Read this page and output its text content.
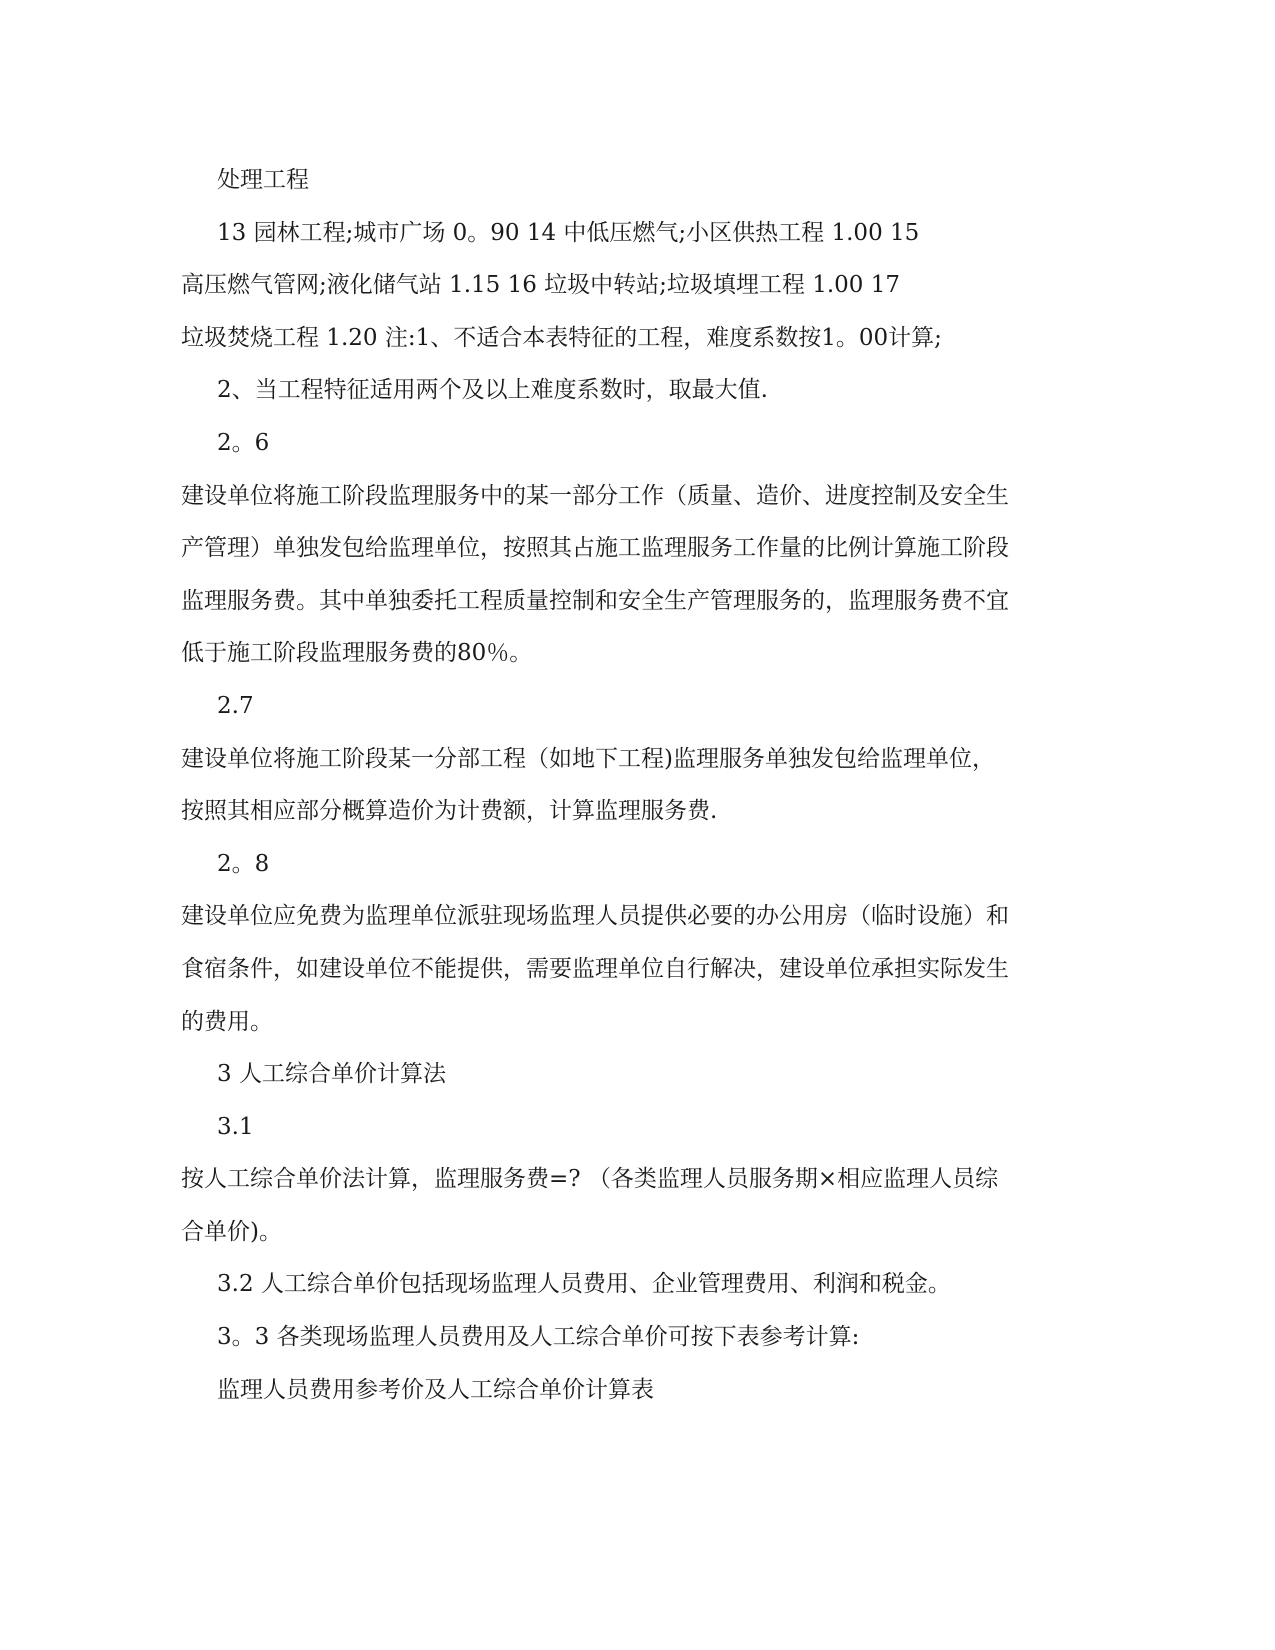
处理工程
13 园林工程;城市广场 0。90 14 中低压燃气;小区供热工程 1.00 15
高压燃气管网;液化储气站 1.15 16 垃圾中转站;垃圾填埋工程 1.00 17
垃圾焚烧工程 1.20 注:1、不适合本表特征的工程，难度系数按1。00计算;
2、当工程特征适用两个及以上难度系数时，取最大值.
2。6
建设单位将施工阶段监理服务中的某一部分工作（质量、造价、进度控制及安全生
产管理）单独发包给监理单位，按照其占施工监理服务工作量的比例计算施工阶段
监理服务费。其中单独委托工程质量控制和安全生产管理服务的，监理服务费不宜
低于施工阶段监理服务费的80％。
2.7
建设单位将施工阶段某一分部工程（如地下工程)监理服务单独发包给监理单位，
按照其相应部分概算造价为计费额，计算监理服务费.
2。8
建设单位应免费为监理单位派驻现场监理人员提供必要的办公用房（临时设施）和
食宿条件，如建设单位不能提供，需要监理单位自行解决，建设单位承担实际发生
的费用。
3 人工综合单价计算法
3.1
按人工综合单价法计算，监理服务费=? （各类监理人员服务期×相应监理人员综
合单价)。
3.2 人工综合单价包括现场监理人员费用、企业管理费用、利润和税金。
3。3 各类现场监理人员费用及人工综合单价可按下表参考计算:
监理人员费用参考价及人工综合单价计算表
